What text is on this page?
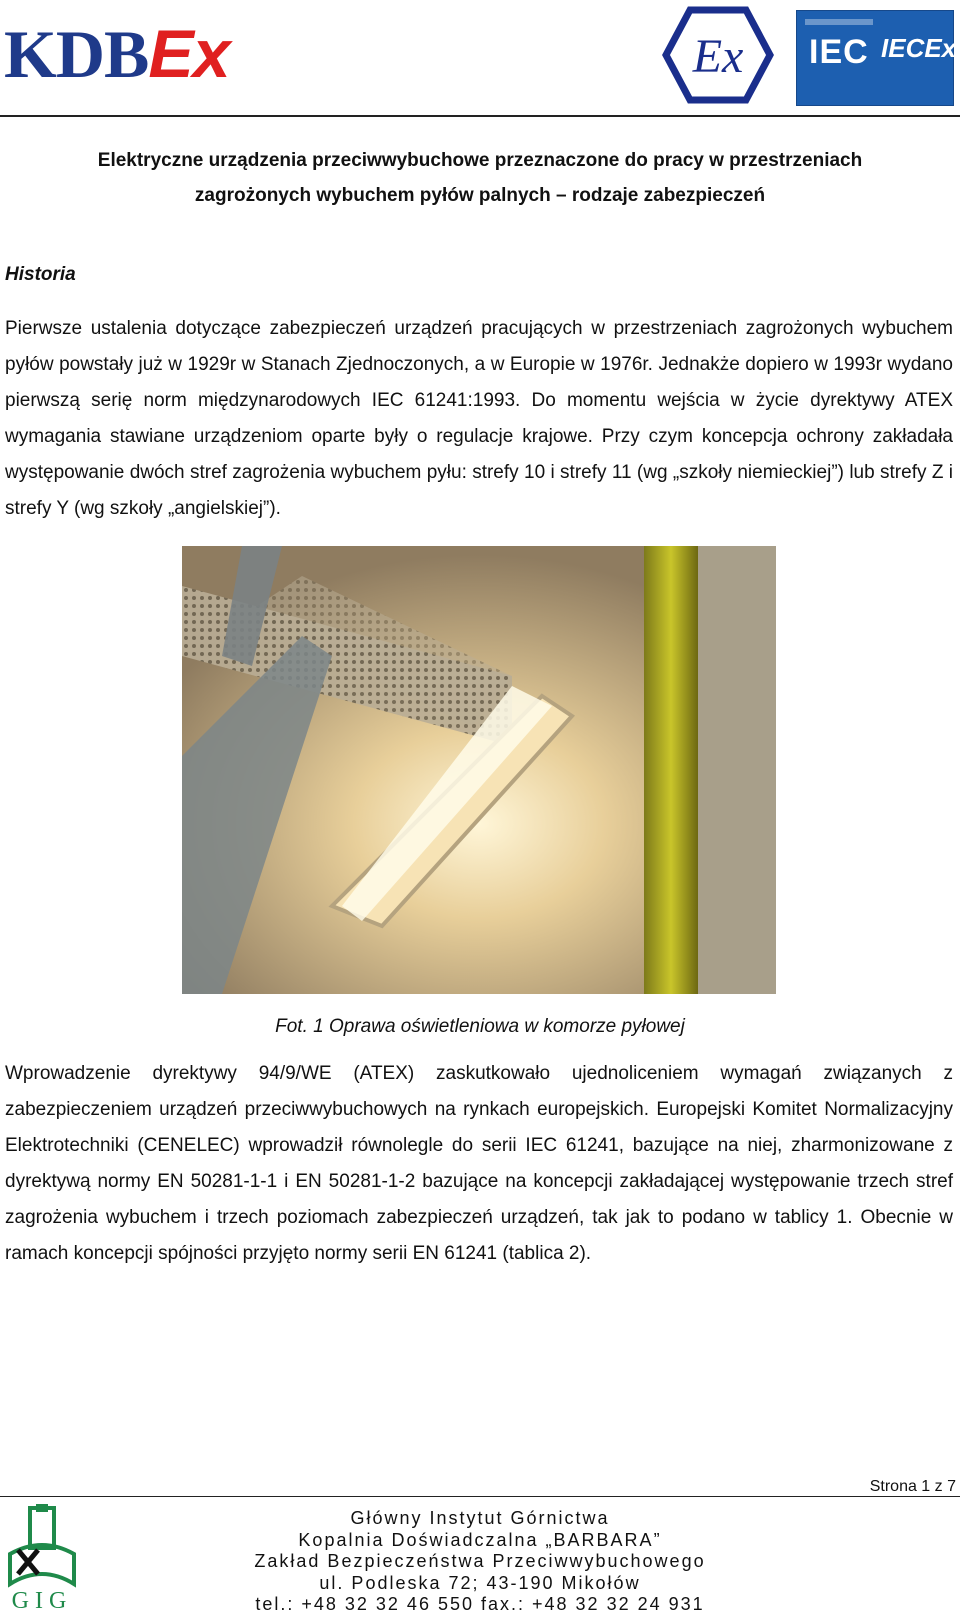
KDBEx	Ex IEC IECEx
Elektryczne urządzenia przeciwwybuchowe przeznaczone do pracy w przestrzeniach
zagrożonych wybuchem pyłów palnych – rodzaje zabezpieczeń
Historia
Pierwsze ustalenia dotyczące zabezpieczeń urządzeń pracujących w przestrzeniach zagrożonych wybuchem pyłów powstały już w 1929r w Stanach Zjednoczonych, a w Europie w 1976r. Jednakże dopiero w 1993r wydano pierwszą serię norm międzynarodowych IEC 61241:1993. Do momentu wejścia w życie dyrektywy ATEX wymagania stawiane urządzeniom oparte były o regulacje krajowe. Przy czym koncepcja ochrony zakładała występowanie dwóch stref zagrożenia wybuchem pyłu: strefy 10 i strefy 11 (wg „szkoły niemieckiej”) lub strefy Z i strefy Y (wg szkoły „angielskiej”).
Fot. 1 Oprawa oświetleniowa w komorze pyłowej
Wprowadzenie dyrektywy 94/9/WE (ATEX) zaskutkowało ujednoliceniem wymagań związanych z zabezpieczeniem urządzeń przeciwwybuchowych na rynkach europejskich. Europejski Komitet Normalizacyjny Elektrotechniki (CENELEC) wprowadził równolegle do serii IEC 61241, bazujące na niej, zharmonizowane z dyrektywą normy EN 50281-1-1 i EN 50281-1-2 bazujące na koncepcji zakładającej występowanie trzech stref zagrożenia wybuchem i trzech poziomach zabezpieczeń urządzeń, tak jak to podano w tablicy 1. Obecnie w ramach koncepcji spójności przyjęto normy serii EN 61241 (tablica 2).
Strona 1 z 7
GIG
Główny Instytut Górnictwa
Kopalnia Doświadczalna „BARBARA”
Zakład Bezpieczeństwa Przeciwwybuchowego
ul. Podleska 72; 43-190 Mikołów
tel.: +48 32 32 46 550 fax.: +48 32 32 24 931
